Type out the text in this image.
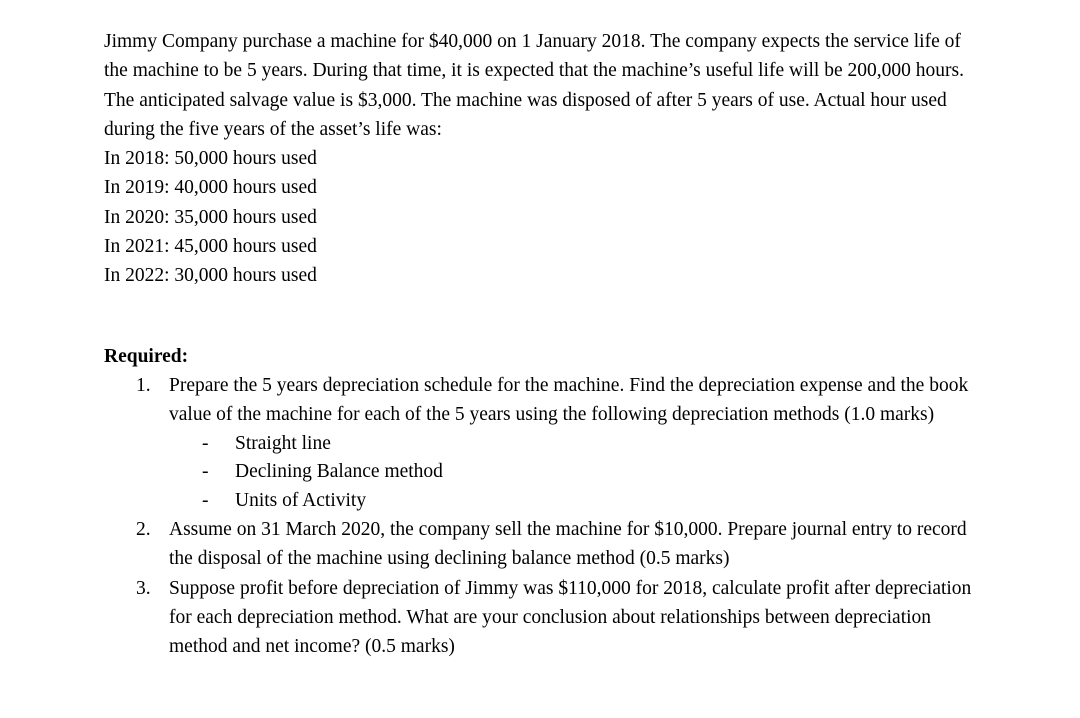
Jimmy Company purchase a machine for $40,000 on 1 January 2018. The company expects the service life of the machine to be 5 years. During that time, it is expected that the machine’s useful life will be 200,000 hours. The anticipated salvage value is $3,000. The machine was disposed of after 5 years of use. Actual hour used during the five years of the asset’s life was:

In 2018: 50,000 hours used
In 2019: 40,000 hours used
In 2020: 35,000 hours used
In 2021: 45,000 hours used
In 2022: 30,000 hours used
Required:
1. Prepare the 5 years depreciation schedule for the machine. Find the depreciation expense and the book value of the machine for each of the 5 years using the following depreciation methods (1.0 marks)
- Straight line
- Declining Balance method
- Units of Activity
2. Assume on 31 March 2020, the company sell the machine for $10,000. Prepare journal entry to record the disposal of the machine using declining balance method (0.5 marks)
3. Suppose profit before depreciation of Jimmy was $110,000 for 2018, calculate profit after depreciation for each depreciation method. What are your conclusion about relationships between depreciation method and net income? (0.5 marks)
